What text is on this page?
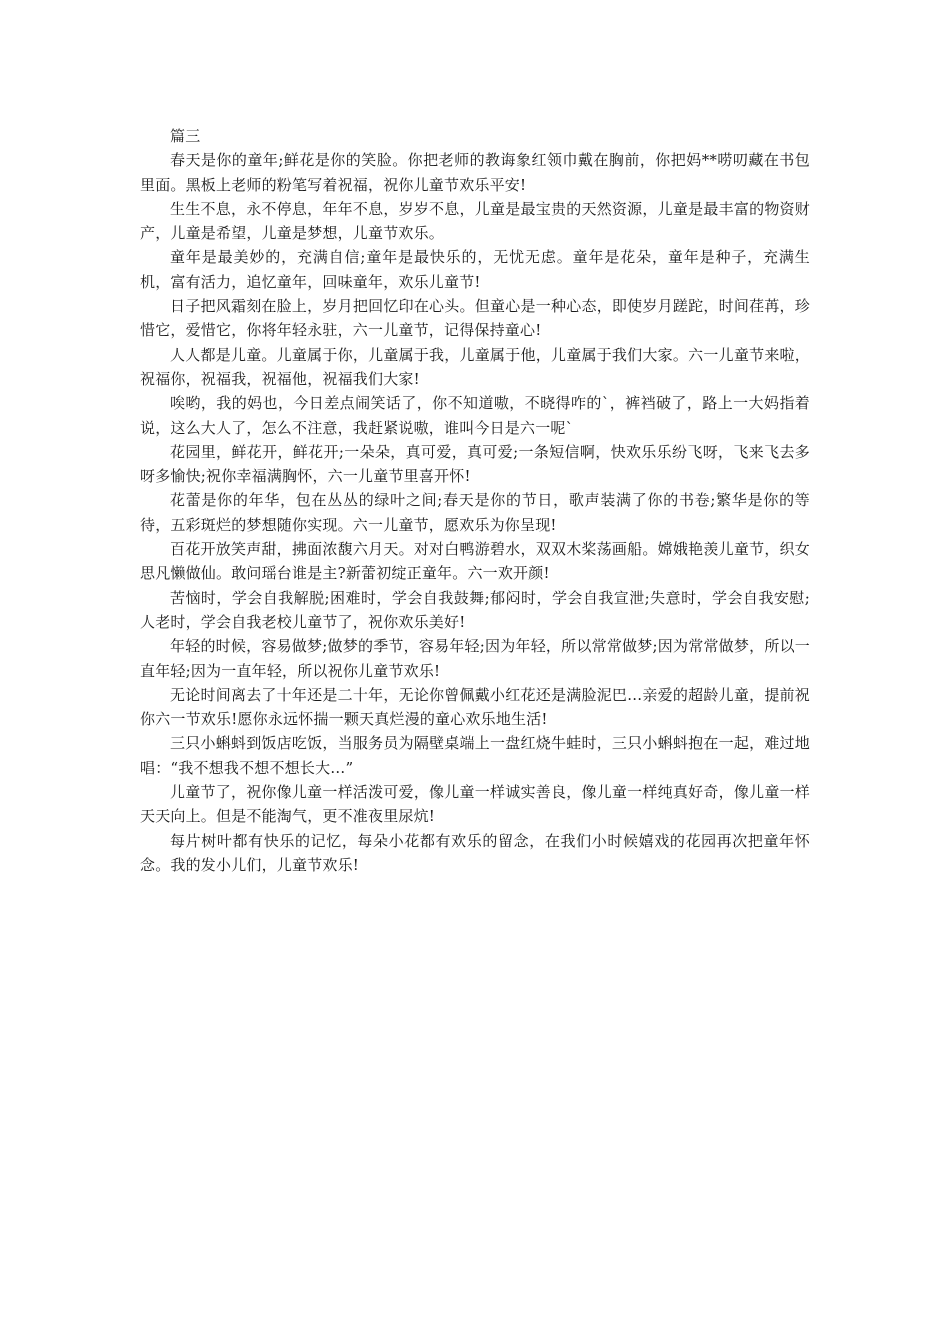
篇三

春天是你的童年;鲜花是你的笑脸。你把老师的教诲象红领巾戴在胸前，你把妈**唠叨藏在书包里面。黑板上老师的粉笔写着祝福，祝你儿童节欢乐平安!

生生不息，永不停息，年年不息，岁岁不息，儿童是最宝贵的天然资源，儿童是最丰富的物资财产，儿童是希望，儿童是梦想，儿童节欢乐。

童年是最美妙的，充满自信;童年是最快乐的，无忧无虑。童年是花朵，童年是种子，充满生机，富有活力，追忆童年，回味童年，欢乐儿童节!

日子把风霜刻在脸上，岁月把回忆印在心头。但童心是一种心态，即使岁月蹉跎，时间荏苒，珍惜它，爱惜它，你将年轻永驻，六一儿童节，记得保持童心!

人人都是儿童。儿童属于你，儿童属于我，儿童属于他，儿童属于我们大家。六一儿童节来啦，祝福你，祝福我，祝福他，祝福我们大家!

唉哟，我的妈也，今日差点闹笑话了，你不知道嗷，不晓得咋的`，裤裆破了，路上一大妈指着说，这么大人了，怎么不注意，我赶紧说嗷，谁叫今日是六一呢`

花园里，鲜花开，鲜花开;一朵朵，真可爱，真可爱;一条短信啊，快欢乐乐纷飞呀，飞来飞去多呀多愉快;祝你幸福满胸怀，六一儿童节里喜开怀!

花蕾是你的年华，包在丛丛的绿叶之间;春天是你的节日，歌声装满了你的书卷;繁华是你的等待，五彩斑烂的梦想随你实现。六一儿童节，愿欢乐为你呈现!

百花开放笑声甜，拂面浓馥六月天。对对白鸭游碧水，双双木桨荡画船。嫦娥艳羡儿童节，织女思凡懒做仙。敢问瑶台谁是主?新蕾初绽正童年。六一欢开颜!

苦恼时，学会自我解脱;困难时，学会自我鼓舞;郁闷时，学会自我宣泄;失意时，学会自我安慰;人老时，学会自我老校儿童节了，祝你欢乐美好!

年轻的时候，容易做梦;做梦的季节，容易年轻;因为年轻，所以常常做梦;因为常常做梦，所以一直年轻;因为一直年轻，所以祝你儿童节欢乐!

无论时间离去了十年还是二十年，无论你曾佩戴小红花还是满脸泥巴…亲爱的超龄儿童，提前祝你六一节欢乐!愿你永远怀揣一颗天真烂漫的童心欢乐地生活!

三只小蝌蚪到饭店吃饭，当服务员为隔壁桌端上一盘红烧牛蛙时，三只小蝌蚪抱在一起，难过地唱：“我不想我不想不想长大…”

儿童节了，祝你像儿童一样活泼可爱，像儿童一样诚实善良，像儿童一样纯真好奇，像儿童一样天天向上。但是不能淘气，更不准夜里尿炕!

每片树叶都有快乐的记忆，每朵小花都有欢乐的留念，在我们小时候嬉戏的花园再次把童年怀念。我的发小儿们，儿童节欢乐!
